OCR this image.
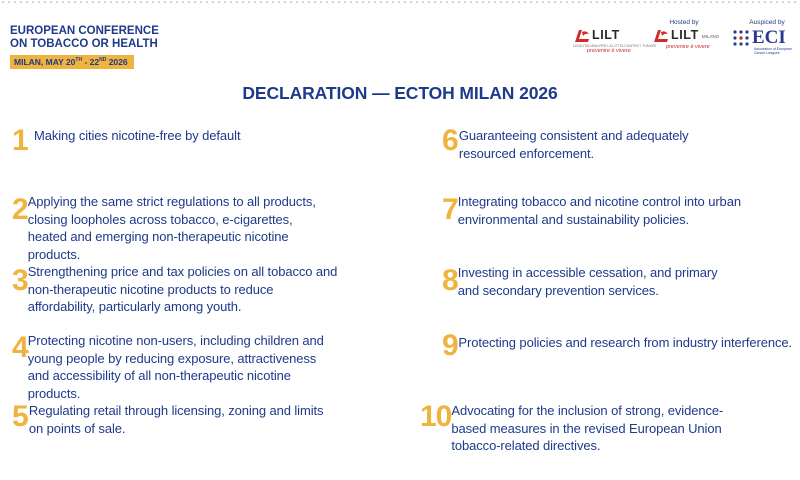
EUROPEAN CONFERENCE
ON TOBACCO OR HEALTH
MILAN, MAY 20TH - 22ND 2026
LILT
LEGA ITALIANA PER LA LOTTA CONTRO I TUMORI
prevenire è vivere
Hosted by
LILT MILANO
prevenire è vivere
Auspiced by
ECI
Association of European Cancer Leagues
DECLARATION — ECTOH MILAN 2026
1 Making cities nicotine-free by default
2 Applying the same strict regulations to all products, closing loopholes across tobacco, e-cigarettes, heated and emerging non-therapeutic nicotine products.
3 Strengthening price and tax policies on all tobacco and non-therapeutic nicotine products to reduce affordability, particularly among youth.
4 Protecting nicotine non-users, including children and young people by reducing exposure, attractiveness and accessibility of all non-therapeutic nicotine products.
5 Regulating retail through licensing, zoning and limits on points of sale.
6 Guaranteeing consistent and adequately resourced enforcement.
7 Integrating tobacco and nicotine control into urban environmental and sustainability policies.
8 Investing in accessible cessation, and primary and secondary prevention services.
9 Protecting policies and research from industry interference.
10 Advocating for the inclusion of strong, evidence-based measures in the revised European Union tobacco-related directives.
